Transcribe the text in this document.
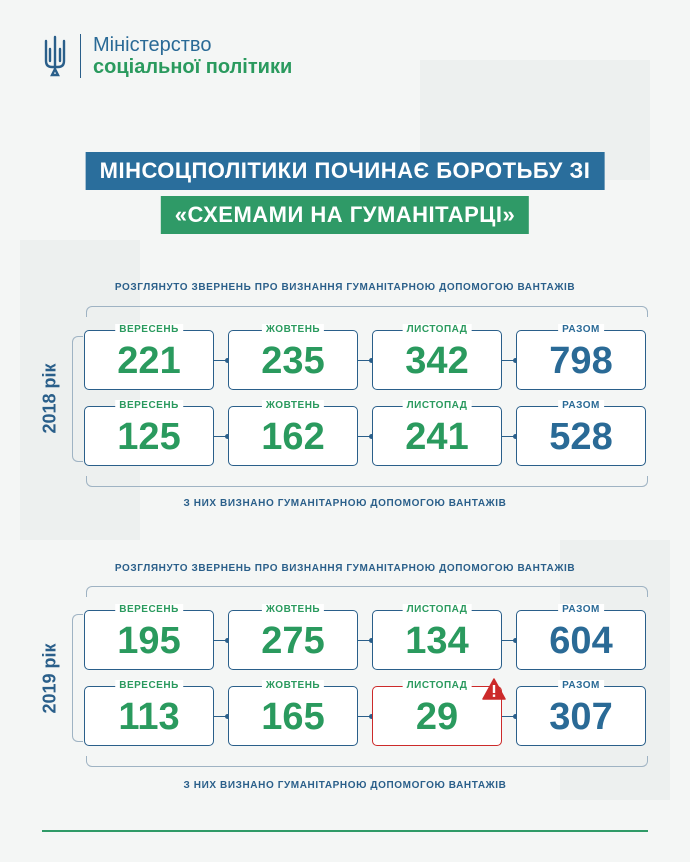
Міністерство
соціальної політики
МІНСОЦПОЛІТИКИ ПОЧИНАЄ БОРОТЬБУ ЗІ
«СХЕМАМИ НА ГУМАНІТАРЦІ»
РОЗГЛЯНУТО ЗВЕРНЕНЬ ПРО ВИЗНАННЯ ГУМАНІТАРНОЮ ДОПОМОГОЮ ВАНТАЖІВ
2018 рік
ВЕРЕСЕНЬ
221
ЖОВТЕНЬ
235
ЛИСТОПАД
342
РАЗОМ
798
ВЕРЕСЕНЬ
125
ЖОВТЕНЬ
162
ЛИСТОПАД
241
РАЗОМ
528
З НИХ ВИЗНАНО ГУМАНІТАРНОЮ ДОПОМОГОЮ ВАНТАЖІВ
РОЗГЛЯНУТО ЗВЕРНЕНЬ ПРО ВИЗНАННЯ ГУМАНІТАРНОЮ ДОПОМОГОЮ ВАНТАЖІВ
2019 рік
ВЕРЕСЕНЬ
195
ЖОВТЕНЬ
275
ЛИСТОПАД
134
РАЗОМ
604
ВЕРЕСЕНЬ
113
ЖОВТЕНЬ
165
ЛИСТОПАД
29
РАЗОМ
307
З НИХ ВИЗНАНО ГУМАНІТАРНОЮ ДОПОМОГОЮ ВАНТАЖІВ
